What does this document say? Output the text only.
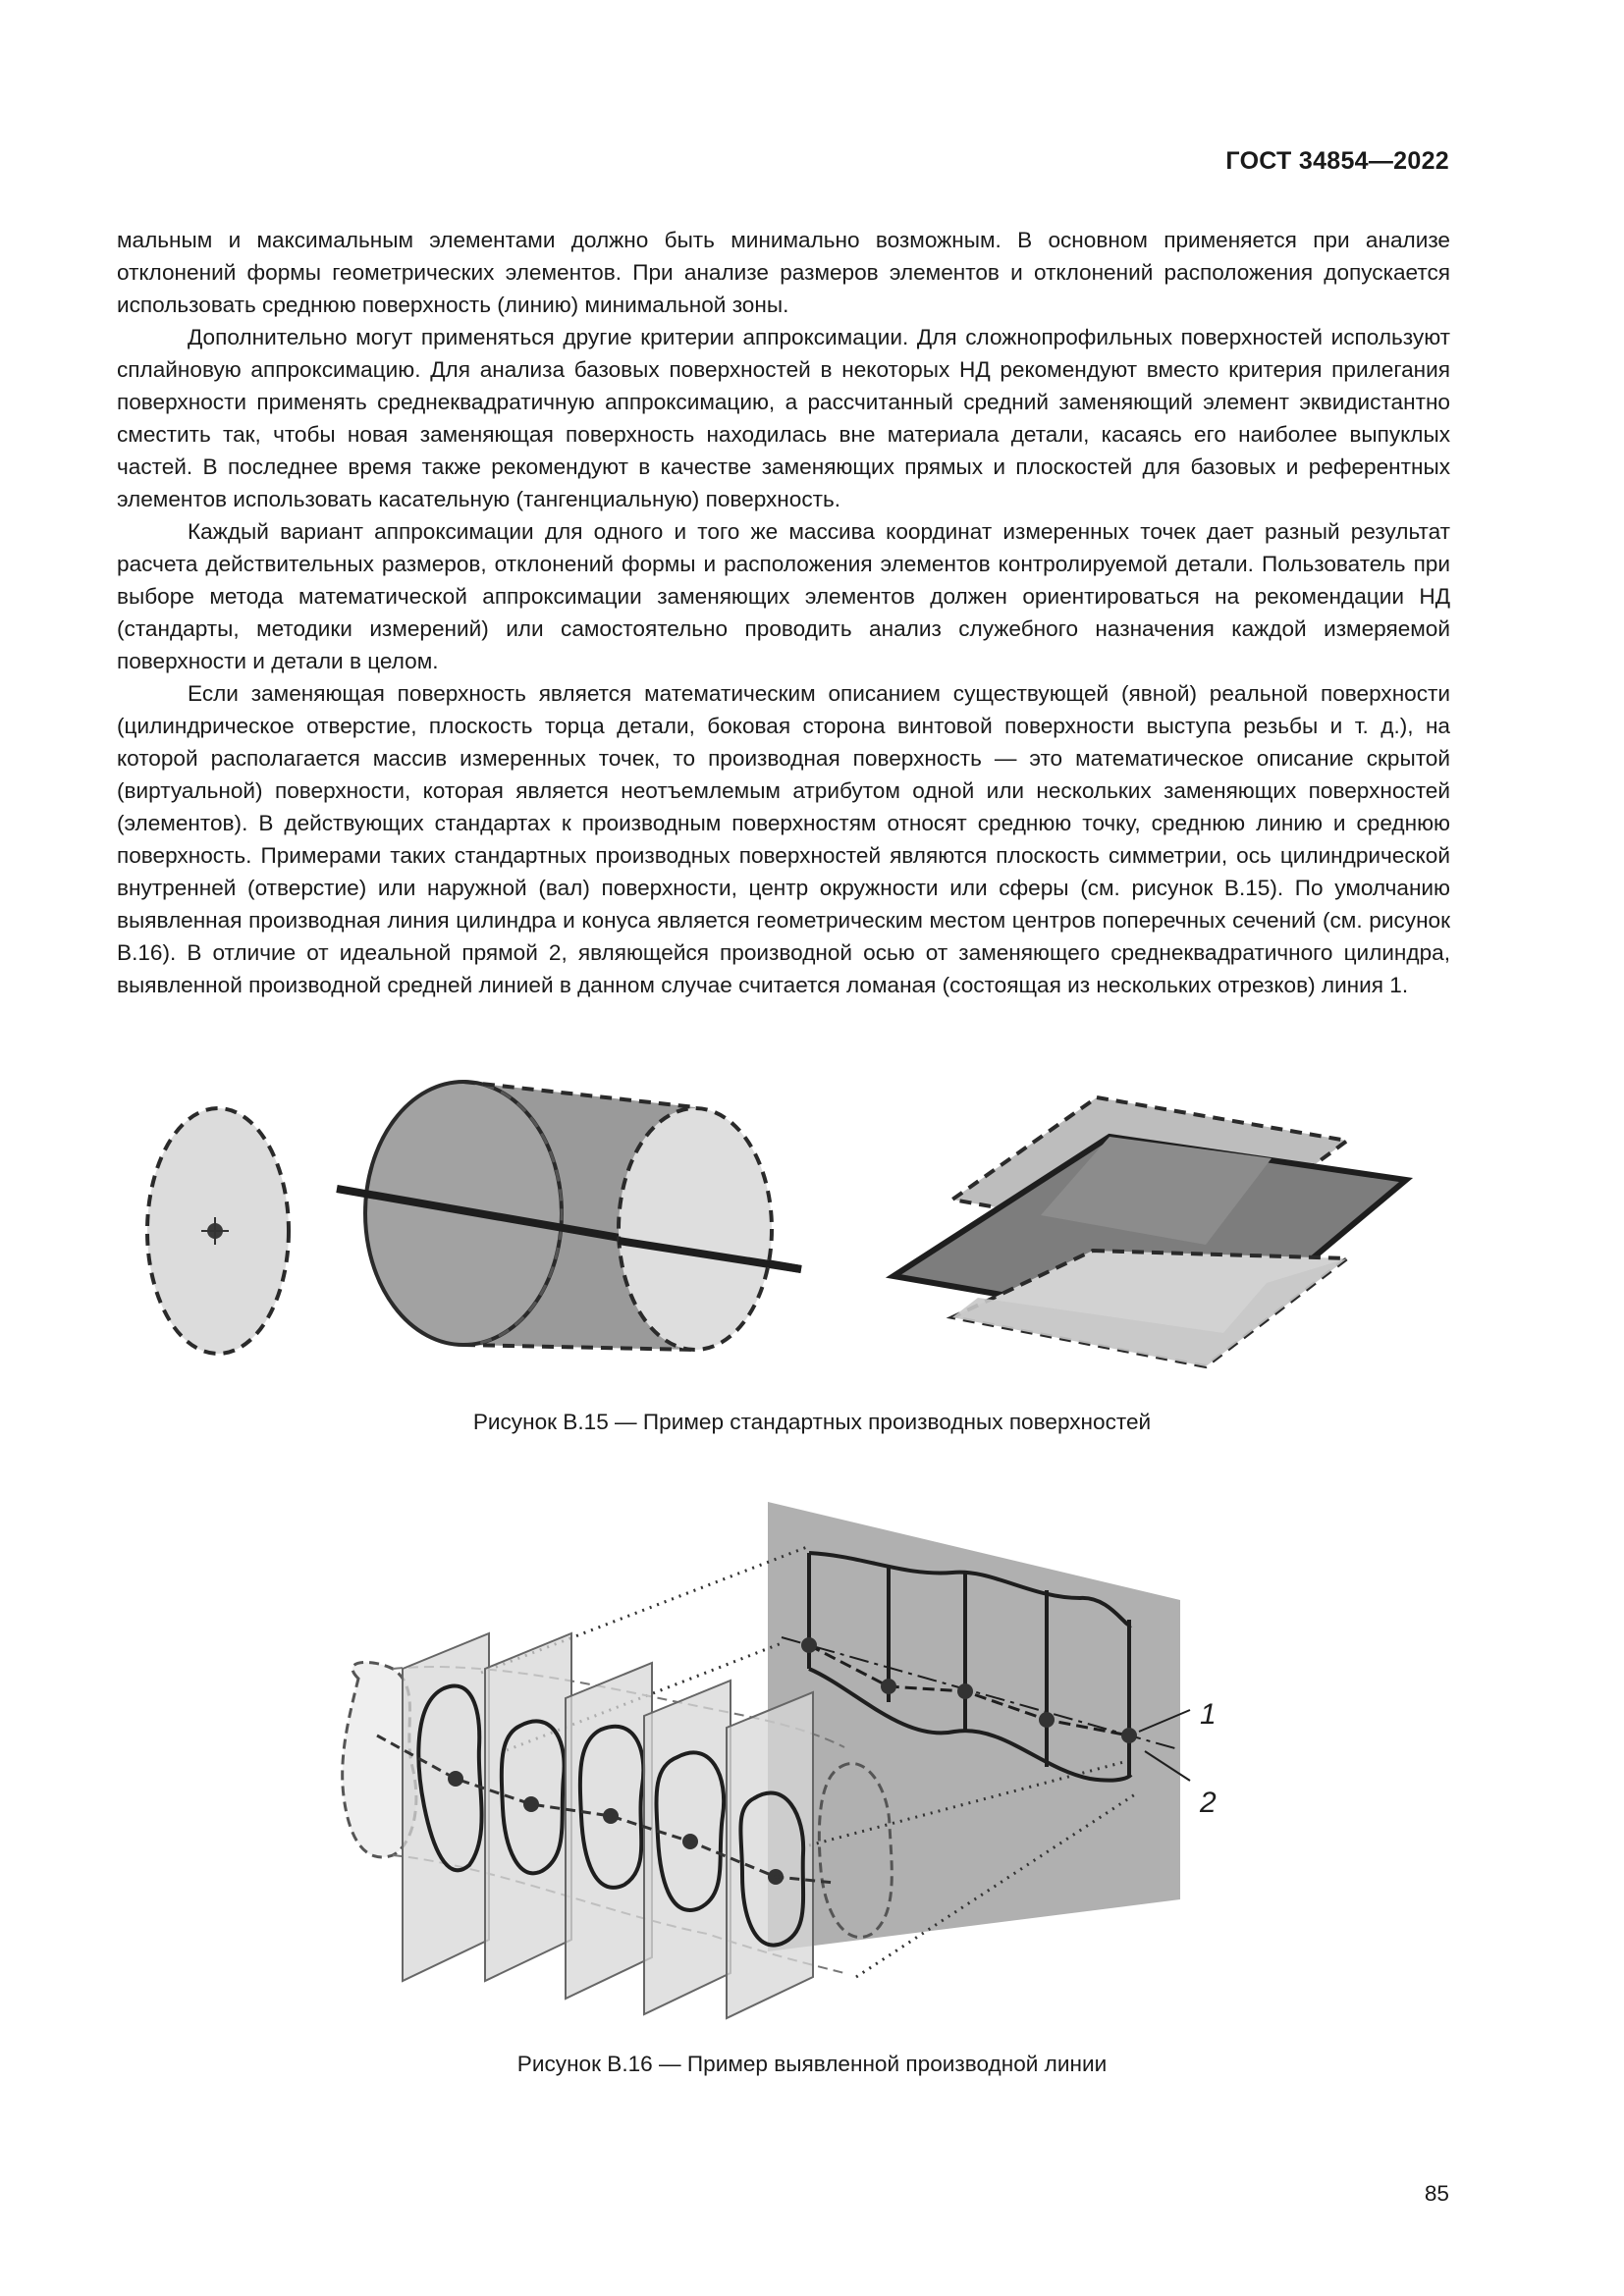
ГОСТ 34854—2022

мальным и максимальным элементами должно быть минимально возможным. В основном применяется при анализе отклонений формы геометрических элементов. При анализе размеров элементов и отклонений расположения допускается использовать среднюю поверхность (линию) минимальной зоны.

Дополнительно могут применяться другие критерии аппроксимации. Для сложнопрофильных поверхностей используют сплайновую аппроксимацию. Для анализа базовых поверхностей в некоторых НД рекомендуют вместо критерия прилегания поверхности применять среднеквадратичную аппроксимацию, а рассчитанный средний заменяющий элемент эквидистантно сместить так, чтобы новая заменяющая поверхность находилась вне материала детали, касаясь его наиболее выпуклых частей. В последнее время также рекомендуют в качестве заменяющих прямых и плоскостей для базовых и референтных элементов использовать касательную (тангенциальную) поверхность.

Каждый вариант аппроксимации для одного и того же массива координат измеренных точек дает разный результат расчета действительных размеров, отклонений формы и расположения элементов контролируемой детали. Пользователь при выборе метода математической аппроксимации заменяющих элементов должен ориентироваться на рекомендации НД (стандарты, методики измерений) или самостоятельно проводить анализ служебного назначения каждой измеряемой поверхности и детали в целом.

Если заменяющая поверхность является математическим описанием существующей (явной) реальной поверхности (цилиндрическое отверстие, плоскость торца детали, боковая сторона винтовой поверхности выступа резьбы и т. д.), на которой располагается массив измеренных точек, то производная поверхность — это математическое описание скрытой (виртуальной) поверхности, которая является неотъемлемым атрибутом одной или нескольких заменяющих поверхностей (элементов). В действующих стандартах к производным поверхностям относят среднюю точку, среднюю линию и среднюю поверхность. Примерами таких стандартных производных поверхностей являются плоскость симметрии, ось цилиндрической внутренней (отверстие) или наружной (вал) поверхности, центр окружности или сферы (см. рисунок В.15). По умолчанию выявленная производная линия цилиндра и конуса является геометрическим местом центров поперечных сечений (см. рисунок В.16). В отличие от идеальной прямой 2, являющейся производной осью от заменяющего среднеквадратичного цилиндра, выявленной производной средней линией в данном случае считается ломаная (состоящая из нескольких отрезков) линия 1.

Рисунок В.15 — Пример стандартных производных поверхностей
1
2
Рисунок В.16 — Пример выявленной производной линии
85
